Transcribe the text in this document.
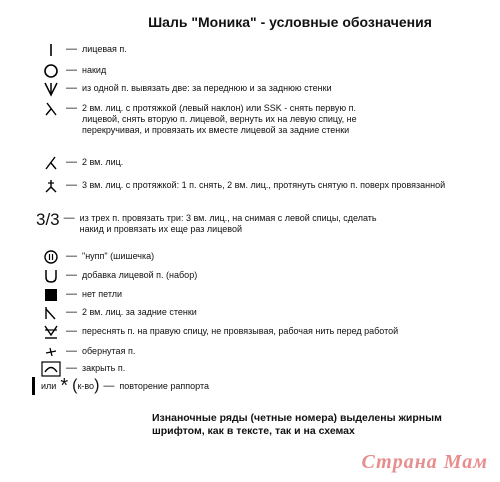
Шаль "Моника" - условные обозначения
— лицевая п.
— накид
— из одной п. вывязать две: за переднюю и за заднюю стенки
— 2 вм. лиц. с протяжкой (левый наклон) или SSK - снять первую п. лицевой, снять вторую п. лицевой, вернуть их на левую спицу, не перекручивая, и провязать их вместе лицевой за задние стенки
— 2 вм. лиц.
— 3 вм. лиц. с протяжкой: 1 п. снять, 2 вм. лиц., протянуть снятую п. поверх провязанной
3/3 — из трех п. провязать три: 3 вм. лиц., на снимая с левой спицы, сделать накид и провязать их еще раз лицевой
— "нупп" (шишечка)
— добавка лицевой п. (набор)
— нет петли
— 2 вм. лиц. за задние стенки
— переснять п. на правую спицу, не провязывая, рабочая нить перед работой
— обернутая п.
— закрыть п.
или * ( к-во ) — повторение раппорта
Изнаночные ряды (четные номера) выделены жирным
шрифтом, как в тексте, так и на схемах
Страна Мам
